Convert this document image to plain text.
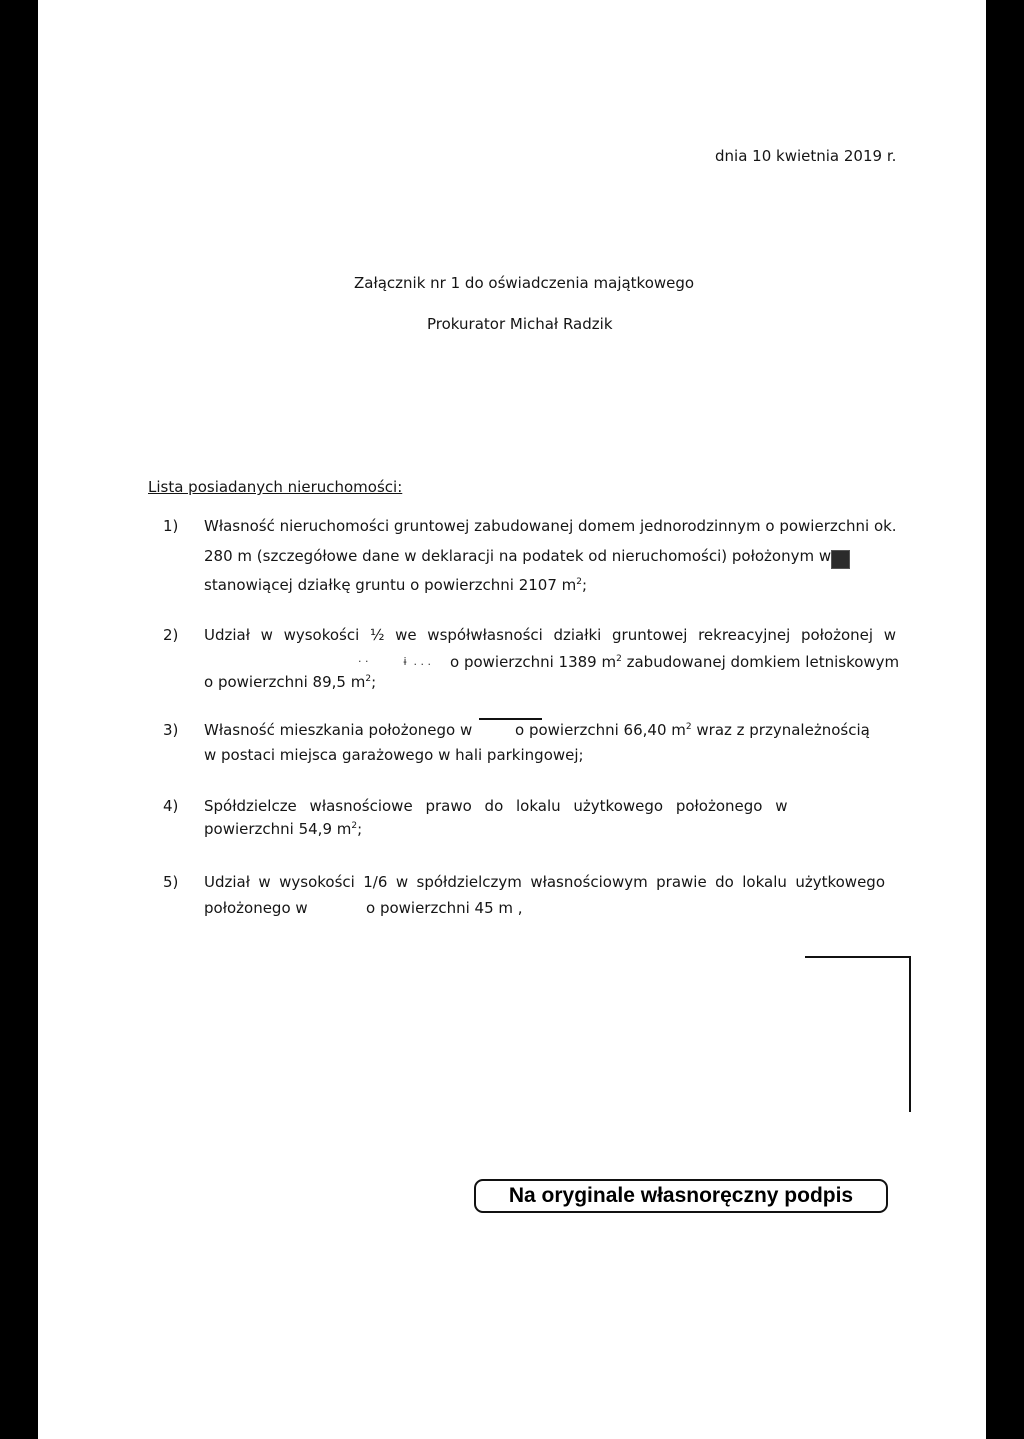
dnia 10 kwietnia 2019 r.
Załącznik nr 1 do oświadczenia majątkowego
Prokurator Michał Radzik
Lista posiadanych nieruchomości:
1) Własność nieruchomości gruntowej zabudowanej domem jednorodzinnym o powierzchni ok.
280 m (szczegółowe dane w deklaracji na podatek od nieruchomości) położonym w
stanowiącej działkę gruntu o powierzchni 2107 $m^2$;
2) Udział w wysokości ½ we współwłasności działki gruntowej rekreacyjnej położonej w
· ·          ɨ  . . . o powierzchni 1389 $m^2$ zabudowanej domkiem letniskowym
o powierzchni 89,5 $m^2$;
3) Własność mieszkania położonego w	o powierzchni 66,40 $m^2$ wraz z przynależnością
w postaci miejsca garażowego w hali parkingowej;
4) Spółdzielcze własnościowe prawo do lokalu użytkowego położonego w
powierzchni 54,9 $m^2$;
5) Udział w wysokości 1/6 w spółdzielczym własnościowym prawie do lokalu użytkowego
położonego w	o powierzchni 45 m ,
Na oryginale własnoręczny podpis
